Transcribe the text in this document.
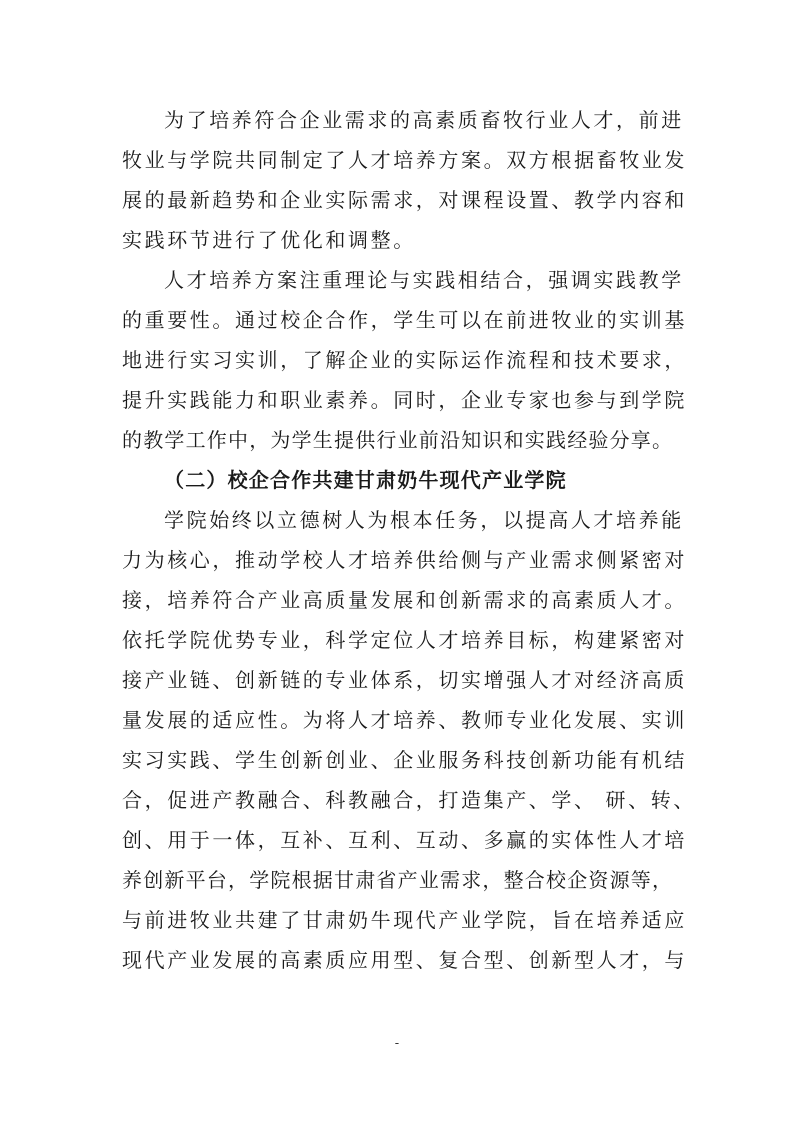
为了培养符合企业需求的高素质畜牧行业人才，前进
牧业与学院共同制定了人才培养方案。双方根据畜牧业发
展的最新趋势和企业实际需求，对课程设置、教学内容和
实践环节进行了优化和调整。
人才培养方案注重理论与实践相结合，强调实践教学
的重要性。通过校企合作，学生可以在前进牧业的实训基
地进行实习实训，了解企业的实际运作流程和技术要求，
提升实践能力和职业素养。同时，企业专家也参与到学院
的教学工作中，为学生提供行业前沿知识和实践经验分享。
（二）校企合作共建甘肃奶牛现代产业学院
学院始终以立德树人为根本任务，以提高人才培养能
力为核心，推动学校人才培养供给侧与产业需求侧紧密对
接，培养符合产业高质量发展和创新需求的高素质人才。
依托学院优势专业，科学定位人才培养目标，构建紧密对
接产业链、创新链的专业体系，切实增强人才对经济高质
量发展的适应性。为将人才培养、教师专业化发展、实训
实习实践、学生创新创业、企业服务科技创新功能有机结
合，促进产教融合、科教融合，打造集产、学、 研、转、
创、用于一体，互补、互利、互动、多赢的实体性人才培
养创新平台，学院根据甘肃省产业需求，整合校企资源等，
与前进牧业共建了甘肃奶牛现代产业学院，旨在培养适应
现代产业发展的高素质应用型、复合型、创新型人才，与
-
